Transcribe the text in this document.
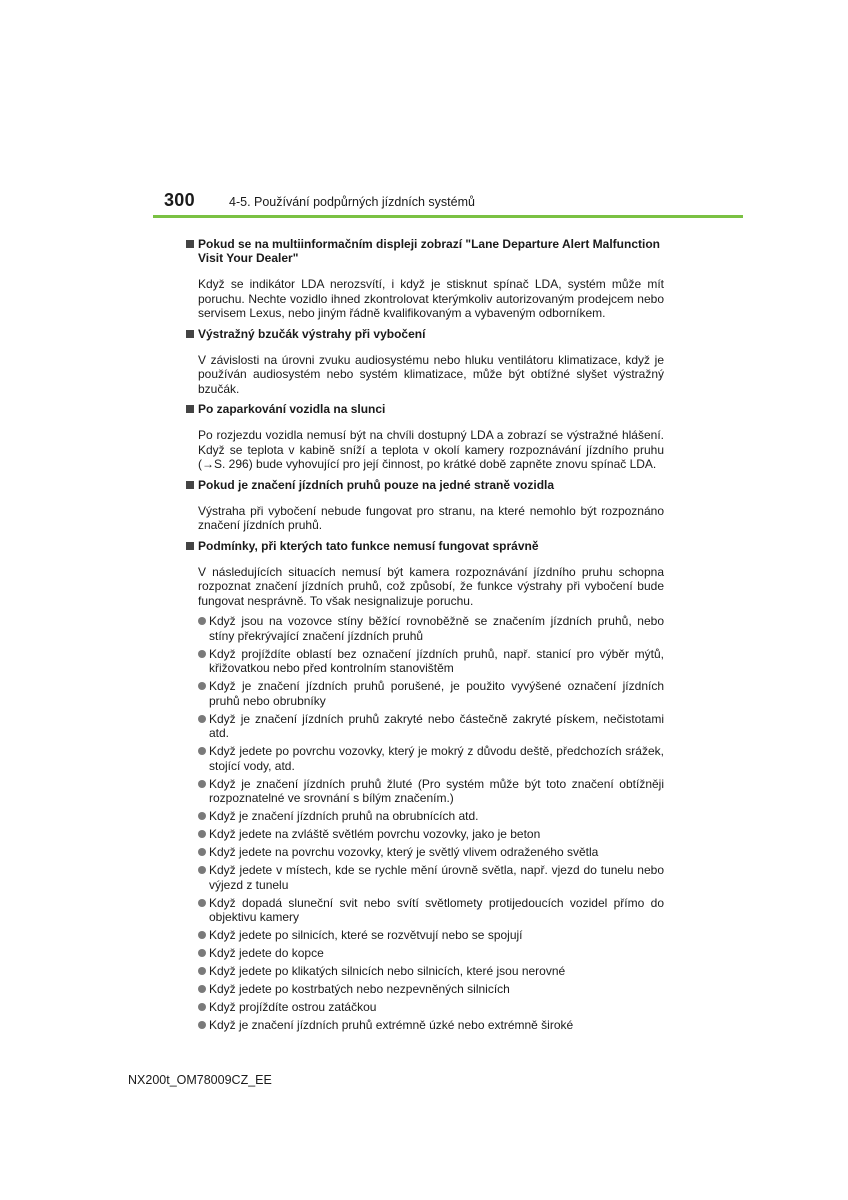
300	4-5. Používání podpůrných jízdních systémů
Pokud se na multiinformačním displeji zobrazí "Lane Departure Alert Malfunction Visit Your Dealer"

Když se indikátor LDA nerozsvítí, i když je stisknut spínač LDA, systém může mít poruchu. Nechte vozidlo ihned zkontrolovat kterýmkoliv autorizovaným prodejcem nebo servisem Lexus, nebo jiným řádně kvalifikovaným a vybaveným odborníkem.

Výstražný bzučák výstrahy při vybočení

V závislosti na úrovni zvuku audiosystému nebo hluku ventilátoru klimatizace, když je používán audiosystém nebo systém klimatizace, může být obtížné slyšet výstražný bzučák.

Po zaparkování vozidla na slunci

Po rozjezdu vozidla nemusí být na chvíli dostupný LDA a zobrazí se výstražné hlášení. Když se teplota v kabině sníží a teplota v okolí kamery rozpoznávání jízdního pruhu (→S. 296) bude vyhovující pro její činnost, po krátké době zapněte znovu spínač LDA.

Pokud je značení jízdních pruhů pouze na jedné straně vozidla

Výstraha při vybočení nebude fungovat pro stranu, na které nemohlo být rozpoznáno značení jízdních pruhů.

Podmínky, při kterých tato funkce nemusí fungovat správně

V následujících situacích nemusí být kamera rozpoznávání jízdního pruhu schopna rozpoznat značení jízdních pruhů, což způsobí, že funkce výstrahy při vybočení bude fungovat nesprávně. To však nesignalizuje poruchu.

Když jsou na vozovce stíny běžící rovnoběžně se značením jízdních pruhů, nebo stíny překrývající značení jízdních pruhů
Když projíždíte oblastí bez označení jízdních pruhů, např. stanicí pro výběr mýtů, křižovatkou nebo před kontrolním stanovištěm
Když je značení jízdních pruhů porušené, je použito vyvýšené označení jízdních pruhů nebo obrubníky
Když je značení jízdních pruhů zakryté nebo částečně zakryté pískem, nečistotami atd.
Když jedete po povrchu vozovky, který je mokrý z důvodu deště, předchozích srážek, stojící vody, atd.
Když je značení jízdních pruhů žluté (Pro systém může být toto značení obtížněji rozpoznatelné ve srovnání s bílým značením.)
Když je značení jízdních pruhů na obrubnících atd.
Když jedete na zvláště světlém povrchu vozovky, jako je beton
Když jedete na povrchu vozovky, který je světlý vlivem odraženého světla
Když jedete v místech, kde se rychle mění úrovně světla, např. vjezd do tunelu nebo výjezd z tunelu
Když dopadá sluneční svit nebo svítí světlomety protijedoucích vozidel přímo do objektivu kamery
Když jedete po silnicích, které se rozvětvují nebo se spojují
Když jedete do kopce
Když jedete po klikatých silnicích nebo silnicích, které jsou nerovné
Když jedete po kostrbatých nebo nezpevněných silnicích
Když projíždíte ostrou zatáčkou
Když je značení jízdních pruhů extrémně úzké nebo extrémně široké
NX200t_OM78009CZ_EE
